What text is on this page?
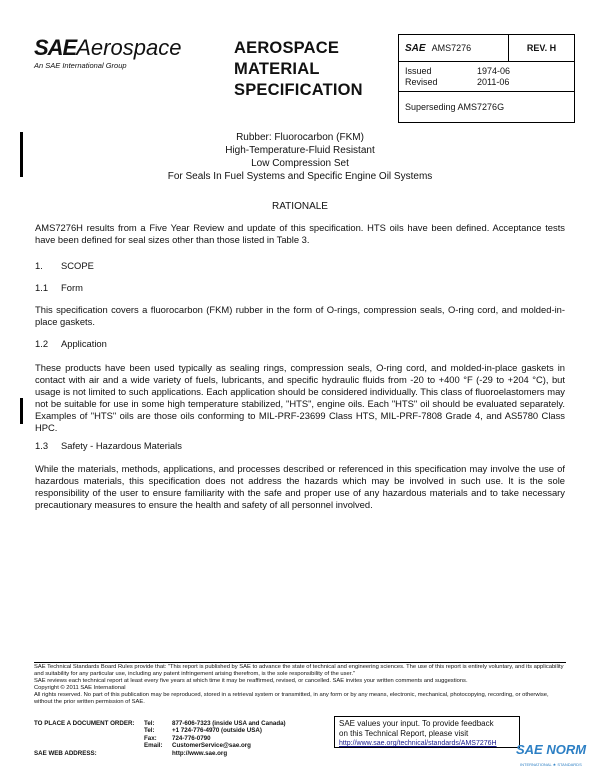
SAEAerospace
An SAE International Group
AEROSPACE
MATERIAL
SPECIFICATION
SAE AMS7276	REV. H
Issued	1974-06
Revised	2011-06
Superseding AMS7276G
Rubber: Fluorocarbon (FKM)
High-Temperature-Fluid Resistant
Low Compression Set
For Seals In Fuel Systems and Specific Engine Oil Systems
RATIONALE
AMS7276H results from a Five Year Review and update of this specification. HTS oils have been defined. Acceptance tests have been defined for seal sizes other than those listed in Table 3.
1. SCOPE
1.1 Form
This specification covers a fluorocarbon (FKM) rubber in the form of O-rings, compression seals, O-ring cord, and molded-in-place gaskets.
1.2 Application
These products have been used typically as sealing rings, compression seals, O-ring cord, and molded-in-place gaskets in contact with air and a wide variety of fuels, lubricants, and specific hydraulic fluids from -20 to +400 °F (-29 to +204 °C), but usage is not limited to such applications. Each application should be considered individually. This class of fluoroelastomers may not be suitable for use in some high temperature stabilized, "HTS", engine oils. Each "HTS" oil should be evaluated separately. Examples of "HTS" oils are those oils conforming to MIL-PRF-23699 Class HTS, MIL-PRF-7808 Grade 4, and AS5780 Class HPC.
1.3 Safety - Hazardous Materials
While the materials, methods, applications, and processes described or referenced in this specification may involve the use of hazardous materials, this specification does not address the hazards which may be involved in such use. It is the sole responsibility of the user to ensure familiarity with the safe and proper use of any hazardous materials and to take necessary precautionary measures to ensure the health and safety of all personnel involved.
SAE Technical Standards Board Rules provide that: "This report is published by SAE to advance the state of technical and engineering sciences. The use of this report is entirely voluntary, and its applicability and suitability for any particular use, including any patent infringement arising therefrom, is the sole responsibility of the user."
SAE reviews each technical report at least every five years at which time it may be reaffirmed, revised, or cancelled. SAE invites your written comments and suggestions.
Copyright © 2011 SAE International
All rights reserved. No part of this publication may be reproduced, stored in a retrieval system or transmitted, in any form or by any means, electronic, mechanical, photocopying, recording, or otherwise, without the prior written permission of SAE.
TO PLACE A DOCUMENT ORDER:	Tel:	877-606-7323 (inside USA and Canada)
Tel:	+1 724-776-4970 (outside USA)
Fax:	724-776-0790
Email:	CustomerService@sae.org
SAE WEB ADDRESS:	http://www.sae.org
SAE values your input. To provide feedback
on this Technical Report, please visit
http://www.sae.org/technical/standards/AMS7276H	SAE NORM
INTERNATIONAL ★ STANDARDS
